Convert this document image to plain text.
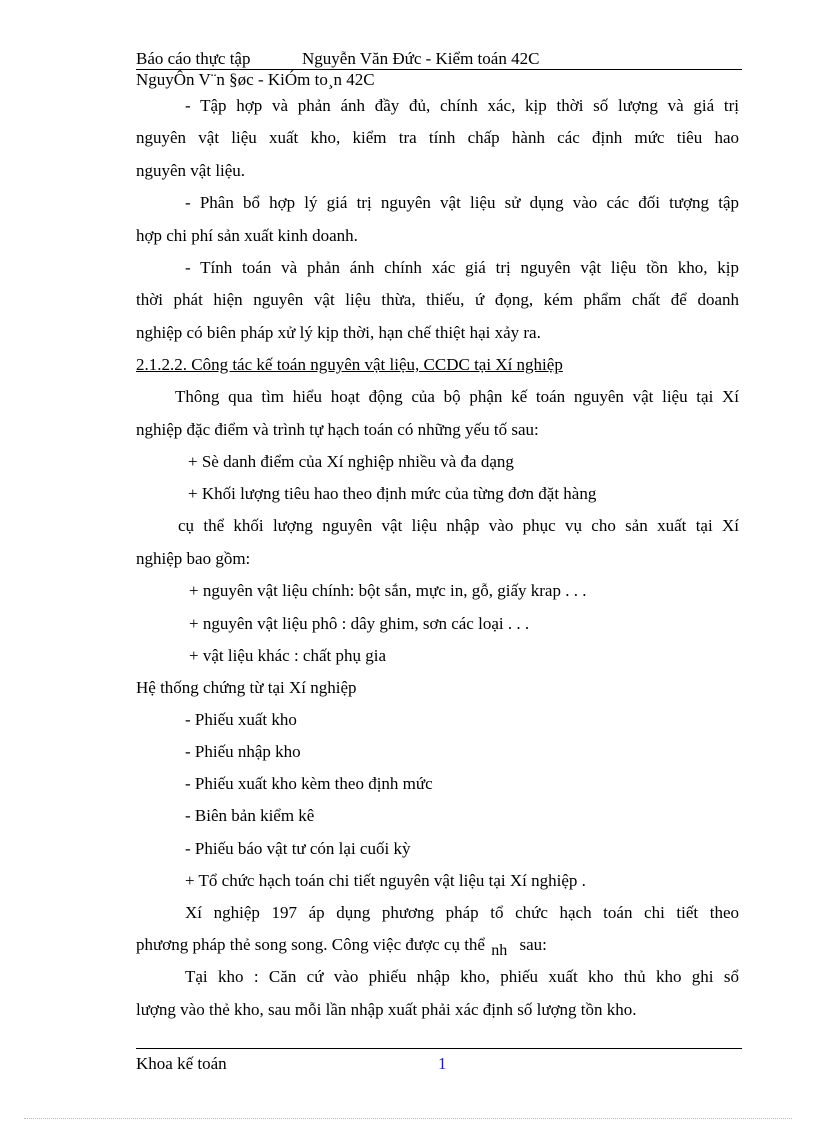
Báo cáo thực tập	Nguyễn Văn Đức - Kiểm toán 42C
NguyÔn V¨n §øc - KiÓm to¸n 42C
- Tập hợp và phản ánh đầy đủ, chính xác, kịp thời số lượng và giá trị
nguyên vật liệu xuất kho, kiểm tra tính chấp hành các định mức tiêu hao
nguyên vật liệu.
- Phân bổ hợp lý giá trị nguyên vật liệu sử dụng vào các đối tượng tập
hợp chi phí sản xuất kinh doanh.
- Tính toán và phản ánh chính xác giá trị nguyên vật liệu tồn kho, kịp
thời phát hiện nguyên vật liệu thừa, thiếu, ứ đọng, kém phẩm chất để doanh
nghiệp có biên pháp xử lý kịp thời, hạn chế thiệt hại xảy ra.
2.1.2.2. Công tác kế toán nguyên vật liệu, CCDC tại Xí nghiệp
Thông qua tìm hiểu hoạt động của bộ phận kế toán nguyên vật liệu tại Xí
nghiệp đặc điểm và trình tự hạch toán có những yếu tố sau:
+ Sè danh điểm của Xí nghiệp nhiều và đa dạng
+ Khối lượng tiêu hao theo định mức của từng đơn đặt hàng
cụ thể khối lượng nguyên vật liệu nhập vào phục vụ cho sản xuất tại Xí
nghiệp bao gồm:
+ nguyên vật liệu chính: bột sắn, mực in, gỗ, giấy krap . . .
+ nguyên vật liệu phô : dây ghim, sơn các loại . . .
+ vật liệu khác : chất phụ gia
Hệ thống chứng từ tại Xí nghiệp
- Phiếu xuất kho
- Phiếu nhập kho
- Phiếu xuất kho kèm theo định mức
- Biên bản kiểm kê
- Phiếu báo vật tư cón lại cuối kỳ
+ Tổ chức hạch toán chi tiết nguyên vật liệu tại Xí nghiệp .
Xí nghiệp 197 áp dụng phương pháp tổ chức hạch toán chi tiết theo
phương pháp thẻ song song. Công việc được cụ thể nh sau:
Tại kho : Căn cứ vào phiếu nhập kho, phiếu xuất kho thủ kho ghi sổ
lượng vào thẻ kho, sau mỗi lần nhập xuất phải xác định số lượng tồn kho.
Khoa kế toán	1
